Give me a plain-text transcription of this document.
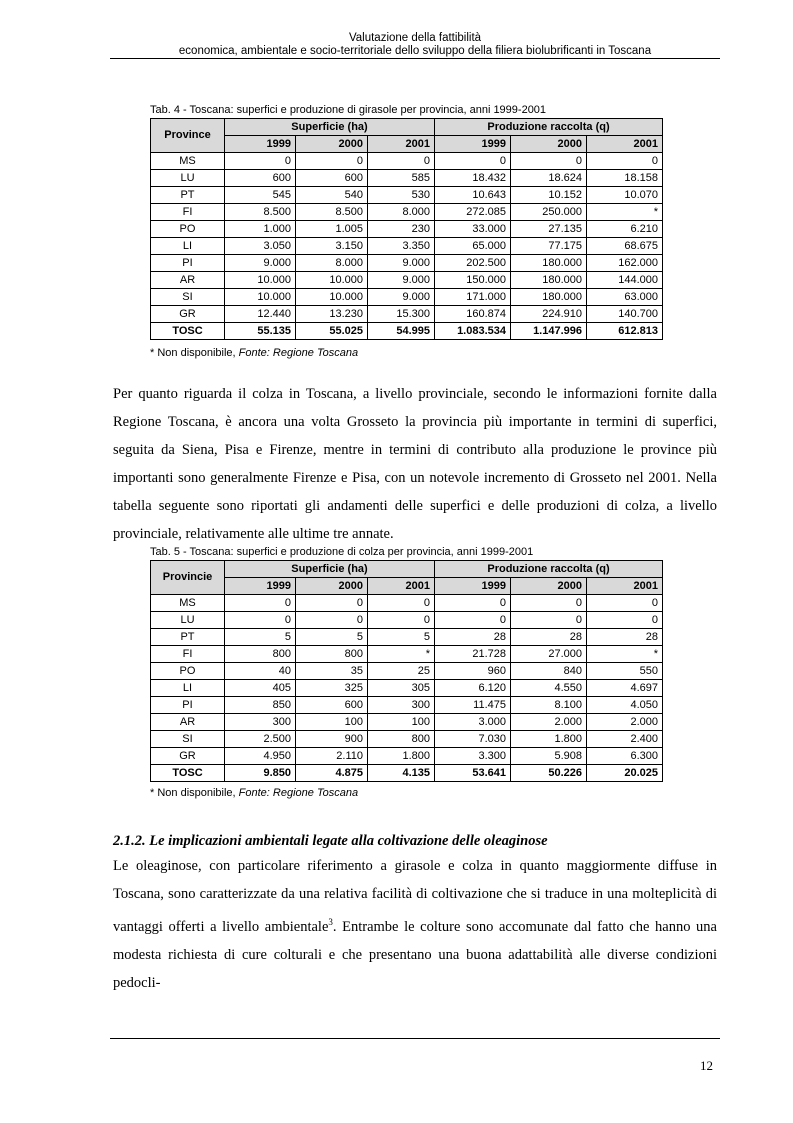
Valutazione della fattibilità
economica, ambientale e socio-territoriale dello sviluppo della filiera biolubrificanti in Toscana
Tab. 4 - Toscana: superfici e produzione di girasole per provincia, anni 1999-2001
Province	Superficie (ha)			Produzione raccolta (q)		
	1999	2000	2001	1999	2000	2001
MS	0	0	0	0	0	0
LU	600	600	585	18.432	18.624	18.158
PT	545	540	530	10.643	10.152	10.070
FI	8.500	8.500	8.000	272.085	250.000	*
PO	1.000	1.005	230	33.000	27.135	6.210
LI	3.050	3.150	3.350	65.000	77.175	68.675
PI	9.000	8.000	9.000	202.500	180.000	162.000
AR	10.000	10.000	9.000	150.000	180.000	144.000
SI	10.000	10.000	9.000	171.000	180.000	63.000
GR	12.440	13.230	15.300	160.874	224.910	140.700
TOSC	55.135	55.025	54.995	1.083.534	1.147.996	612.813
* Non disponibile, Fonte: Regione Toscana
Per quanto riguarda il colza in Toscana, a livello provinciale, secondo le informazioni fornite dalla Regione Toscana, è ancora una volta Grosseto la provincia più importante in termini di superfici, seguita da Siena, Pisa e Firenze, mentre in termini di contributo alla produzione le province più importanti sono generalmente Firenze e Pisa, con un notevole incremento di Grosseto nel 2001. Nella tabella seguente sono riportati gli andamenti delle superfici e delle produzioni di colza, a livello provinciale, relativamente alle ultime tre annate.
Tab. 5 - Toscana: superfici e produzione di colza per provincia, anni 1999-2001
Provincie	Superficie (ha)			Produzione raccolta (q)		
	1999	2000	2001	1999	2000	2001
MS	0	0	0	0	0	0
LU	0	0	0	0	0	0
PT	5	5	5	28	28	28
FI	800	800	*	21.728	27.000	*
PO	40	35	25	960	840	550
LI	405	325	305	6.120	4.550	4.697
PI	850	600	300	11.475	8.100	4.050
AR	300	100	100	3.000	2.000	2.000
SI	2.500	900	800	7.030	1.800	2.400
GR	4.950	2.110	1.800	3.300	5.908	6.300
TOSC	9.850	4.875	4.135	53.641	50.226	20.025
* Non disponibile, Fonte: Regione Toscana
2.1.2. Le implicazioni ambientali legate alla coltivazione delle oleaginose
Le oleaginose, con particolare riferimento a girasole e colza in quanto maggiormente diffuse in Toscana, sono caratterizzate da una relativa facilità di coltivazione che si traduce in una molteplicità di vantaggi offerti a livello ambientale$^3$. Entrambe le colture sono accomunate dal fatto che hanno una modesta richiesta di cure colturali e che presentano una buona adattabilità alle diverse condizioni pedocli-
12
